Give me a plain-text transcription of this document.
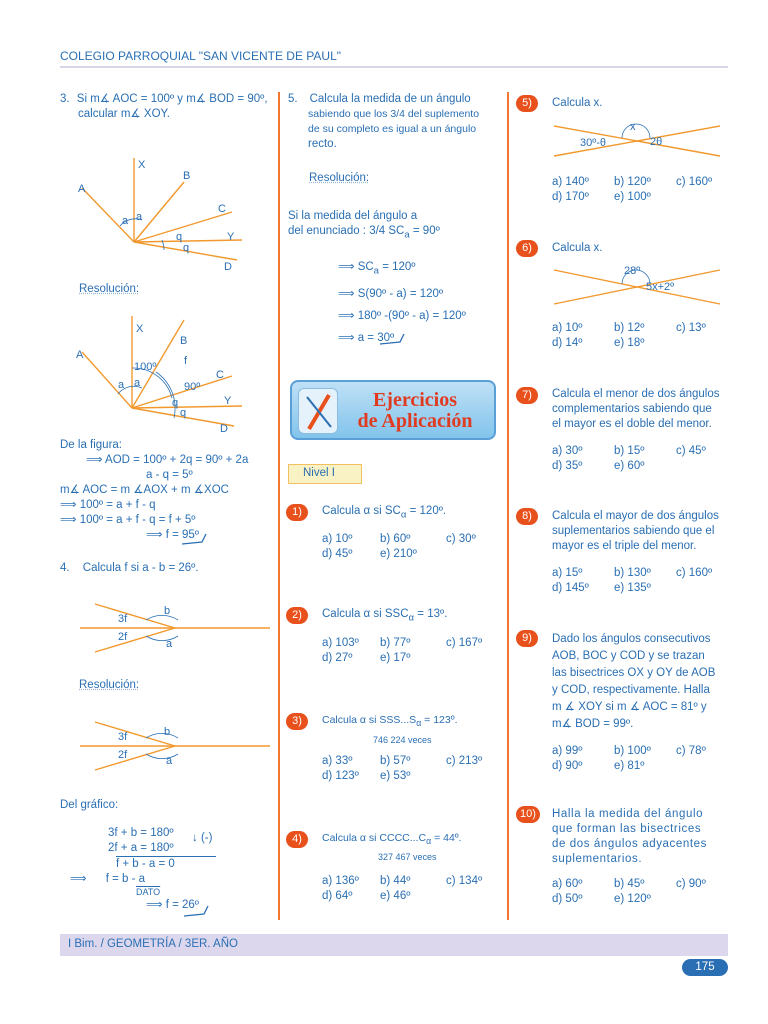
COLEGIO PARROQUIAL "SAN VICENTE DE PAUL"
3. Si m∡ AOC = 100º y m∡ BOD = 90º,
calcular m∡ XOY.
X
A
B
C
Y
D
a a
q
q
Resolución:
X
A
B
C
Y
D
100º
90º
f
a a
q
q
De la figura:
⟹ AOD = 100º + 2q = 90º + 2a
a - q = 5º
m∡ AOC = m ∡AOX + m ∡XOC
⟹ 100º = a + f - q
⟹ 100º = a + f - q = f + 5º
⟹ f = 95º
4. Calcula f si a - b = 26º.
3f
2f
b
a
Resolución:
3f
2f
b
a
Del gráfico:
3f + b = 180º
2f + a = 180º
f + b - a = 0
⟹ f = b - a
DATO
⟹ f = 26º
↓ (-)
5. Calcula la medida de un ángulo
sabiendo que los 3/4 del suplemento
de su completo es igual a un ángulo
recto.
Resolución:
Si la medida del ángulo a
del enunciado : 3/4 $SC_a$ = 90º
⟹ $SC_a$ = 120º
⟹ S(90º - a) = 120º
⟹ 180º -(90º - a) = 120º
⟹ a = 30º
Ejercicios
de Aplicación
Nivel I
1)	Calcula α si $SC_\alpha$ = 120º.
a) 10º b) 60º	c) 30º
d) 45º e) 210º
2)	Calcula α si $SSC_\alpha$ = 13º.
a) 103º b) 77º	c) 167º
d) 27º e) 17º
3)	Calcula α si $SSS...S_\alpha$ = 123º.
746 224 veces
a) 33º b) 57º	c) 213º
d) 123º e) 53º
4)	Calcula α si $CCCC...C_\alpha$ = 44º.
327 467 veces
a) 136º b) 44º	c) 134º
d) 64º e) 46º
5)	Calcula x.
x
30º-θ	2θ
a) 140º b) 120º c) 160º
d) 170º e) 100º
6)	Calcula x.
28º
5x+2º
a) 10º	b) 12º	c) 13º
d) 14º	e) 18º
7)	Calcula el menor de dos ángulos
complementarios sabiendo que
el mayor es el doble del menor.
a) 30º	b) 15º	c) 45º
d) 35º	e) 60º
8)	Calcula el mayor de dos ángulos
suplementarios sabiendo que el
mayor es el triple del menor.
a) 15º	b) 130º c) 160º
d) 145º e) 135º
9)	Dado los ángulos consecutivos
AOB, BOC y COD y se trazan
las bisectrices OX y OY de AOB
y COD, respectivamente. Halla
m ∡ XOY si m ∡ AOC = 81º y
m∡ BOD = 99º.
a) 99º	b) 100º c) 78º
d) 90º	e) 81º
10)	Halla la medida del ángulo
que forman las bisectrices
de dos ángulos adyacentes
suplementarios.
a) 60º	b) 45º	c) 90º
d) 50º	e) 120º
I Bim. / GEOMETRÍA / 3ER. AÑO
175
